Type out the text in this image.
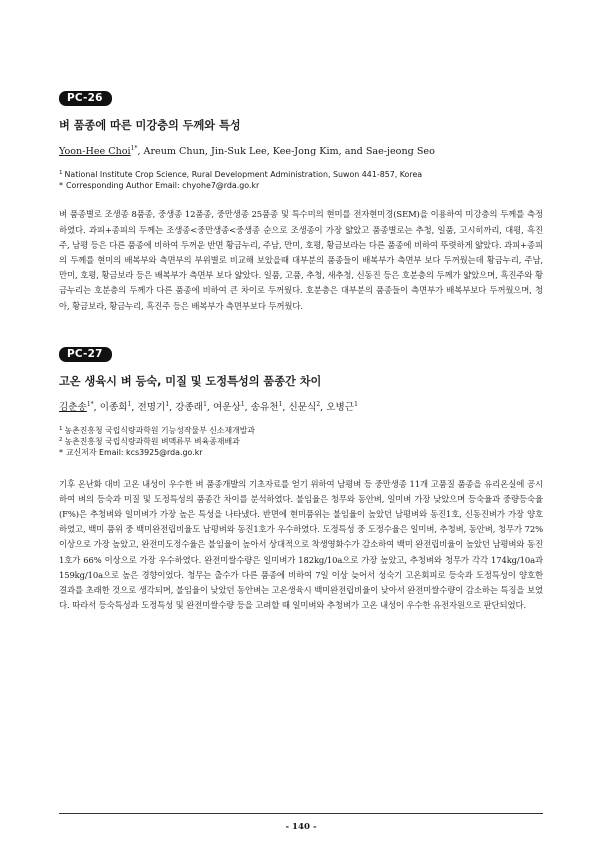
PC-26
벼 품종에 따른 미강층의 두께와 특성
Yoon-Hee Choi$^{1*}$, Areum Chun, Jin-Suk Lee, Kee-Jong Kim, and Sae-jeong Seo
$^1$ National Institute Crop Science, Rural Development Administration, Suwon 441-857, Korea
* Corresponding Author Email: chyohe7@rda.go.kr
벼 품종별로 조생종 8품종, 중생종 12품종, 중만생종 25품종 및 특수미의 현미를 전자현미경(SEM)을 이용하여 미강층의 두께를 측정하였다. 과피+종피의 두께는 조생종<중만생종<중생종 순으로 조생종이 가장 얇았고 품종별로는 추청, 일품, 고시히까리, 대평, 흑진주, 남평 등은 다른 품종에 비하여 두꺼운 반면 황금누리, 주남, 만미, 호평, 황금보라는 다른 품종에 비하여 뚜렷하게 얇았다. 과피+종피의 두께를 현미의 배복부와 측면부의 부위별로 비교해 보았을때 대부분의 품종들이 배복부가 측면부 보다 두꺼웠는데 황금누리, 주남, 만미, 호평, 황금보라 등은 배복부가 측면부 보다 얇았다. 일품, 고품, 추청, 새추청, 신동진 등은 호분층의 두께가 얇았으며, 흑진주와 황금누리는 호분층의 두께가 다른 품종에 비하여 큰 차이로 두꺼웠다. 호분층은 대부분의 품종들이 측면부가 배복부보다 두꺼웠으며, 청아, 황금보라, 황금누리, 흑진주 등은 배복부가 측면부보다 두꺼웠다.
PC-27
고온 생육시 벼 등숙, 미질 및 도정특성의 품종간 차이
김춘송$^{1*}$, 이종희$^1$, 전명기$^1$, 강종래$^1$, 여운상$^1$, 송유천$^1$, 신문식$^2$, 오병근$^1$
$^1$ 농촌진흥청 국립식량과학원 기능성작물부 신소재개발과
$^2$ 농촌진흥청 국립식량과학원 벼맥류부 벼육종재배과
* 교신저자 Email: kcs3925@rda.go.kr
기후 온난화 대비 고온 내성이 우수한 벼 품종개발의 기초자료를 얻기 위하여 남평벼 등 중만생종 11개 고품질 품종을 유리온실에 공시하여 벼의 등숙과 미질 및 도정특성의 품종간 차이를 분석하였다. 불임율은 청무와 동안벼, 일미벼 가장 낮았으며 등숙율과 중량등숙율(F%)은 추청벼와 일미벼가 가장 높은 특성을 나타냈다. 반면에 현미품위는 불임율이 높았던 남평벼와 동진1호, 신동진벼가 가장 양호하였고, 백미 품위 중 백미완전립비율도 남평벼와 동진1호가 우수하였다. 도정특성 중 도정수율은 일미벼, 추청벼, 동안벼, 청무가 72% 이상으로 가장 높았고, 완전미도정수율은 불임율이 높아서 상대적으로 착생영화수가 감소하여 백미 완전립비율이 높았던 남평벼와 동진1호가 66% 이상으로 가장 우수하였다. 완전미쌀수량은 일미벼가 182kg/10a으로 가장 높았고, 추청벼와 청무가 각각 174kg/10a과 159kg/10a으로 높은 경향이었다. 청무는 출수가 다른 품종에 비하여 7일 이상 늦어서 성숙기 고온회피로 등숙과 도정특성이 양호한 결과를 초래한 것으로 생각되며, 불임율이 낮았던 동안벼는 고온생육시 백미완전립비율이 낮아서 완전미쌀수량이 감소하는 특징을 보였다. 따라서 등숙특성과 도정특성 및 완전미쌀수량 등을 고려할 때 일미벼와 추청벼가 고온 내성이 우수한 유전자원으로 판단되었다.
- 140 -
